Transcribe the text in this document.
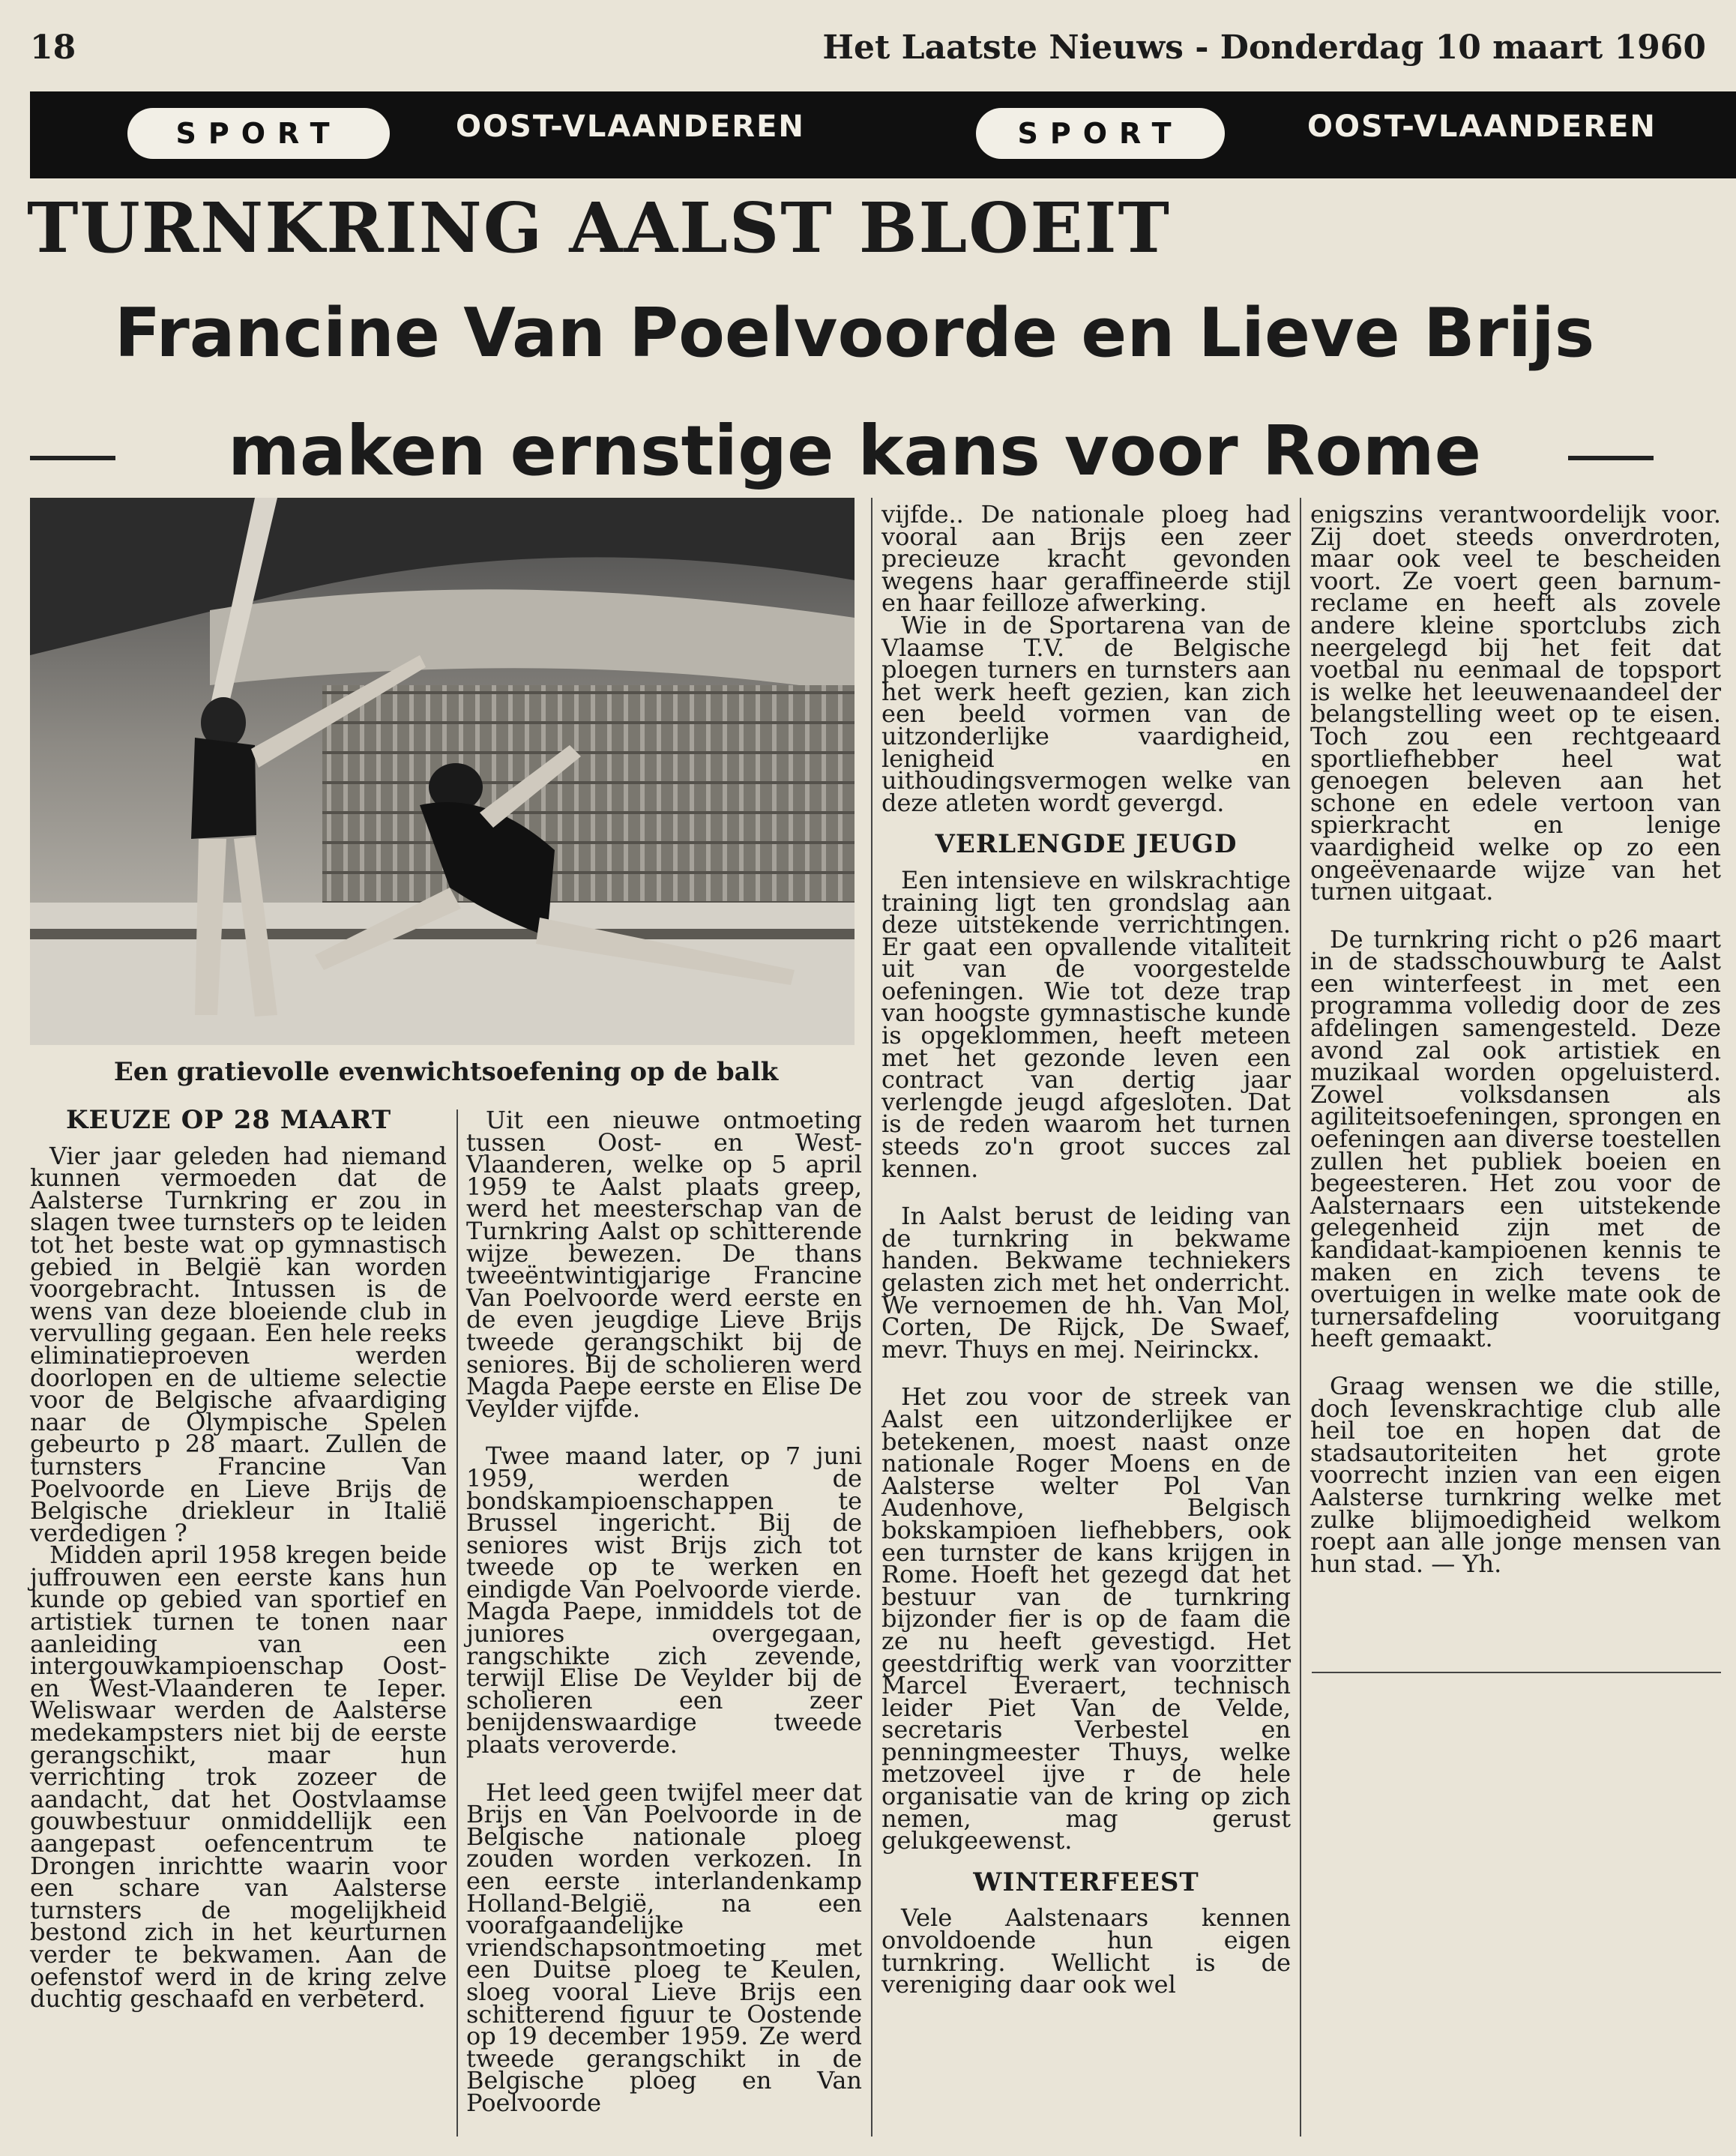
18	Het Laatste Nieuws - Donderdag 10 maart 1960
SPORT	OOST-VLAANDEREN	SPORT	OOST-VLAANDEREN
TURNKRING AALST BLOEIT
Francine Van Poelvoorde en Lieve Brijs
maken ernstige kans voor Rome
Een gratievolle evenwichtsoefening op de balk
KEUZE OP 28 MAART

Vier jaar geleden had niemand kunnen vermoeden dat de Aalsterse Turnkring er zou in slagen twee turnsters op te leiden tot het beste wat op gymnastisch gebied in België kan worden voorgebracht. Intussen is de wens van deze bloeiende club in vervulling gegaan. Een hele reeks eliminatieproeven werden doorlopen en de ultieme selectie voor de Belgische afvaardiging naar de Olympische Spelen gebeurto p 28 maart. Zullen de turnsters Francine Van Poelvoorde en Lieve Brijs de Belgische driekleur in Italië verdedigen ?

Midden april 1958 kregen beide juffrouwen een eerste kans hun kunde op gebied van sportief en artistiek turnen te tonen naar aanleiding van een intergouwkampioenschap Oost- en West-Vlaanderen te Ieper. Weliswaar werden de Aalsterse medekampsters niet bij de eerste gerangschikt, maar hun verrichting trok zozeer de aandacht, dat het Oostvlaamse gouwbestuur onmiddellijk een aangepast oefencentrum te Drongen inrichtte waarin voor een schare van Aalsterse turnsters de mogelijkheid bestond zich in het keurturnen verder te bekwamen. Aan de oefenstof werd in de kring zelve duchtig geschaafd en verbeterd.

Uit een nieuwe ontmoeting tussen Oost- en West-Vlaanderen, welke op 5 april 1959 te Aalst plaats greep, werd het meesterschap van de Turnkring Aalst op schitterende wijze bewezen. De thans tweeëntwintigjarige Francine Van Poelvoorde werd eerste en de even jeugdige Lieve Brijs tweede gerangschikt bij de seniores. Bij de scholieren werd Magda Paepe eerste en Elise De Veylder vijfde.

Twee maand later, op 7 juni 1959, werden de bondskampioenschappen te Brussel ingericht. Bij de seniores wist Brijs zich tot tweede op te werken en eindigde Van Poelvoorde vierde. Magda Paepe, inmiddels tot de juniores overgegaan, rangschikte zich zevende, terwijl Elise De Veylder bij de scholieren een zeer benijdenswaardige tweede plaats veroverde.

Het leed geen twijfel meer dat Brijs en Van Poelvoorde in de Belgische nationale ploeg zouden worden verkozen. In een eerste interlandenkamp Holland-België, na een voorafgaandelijke vriendschapsontmoeting met een Duitse ploeg te Keulen, sloeg vooral Lieve Brijs een schitterend figuur te Oostende op 19 december 1959. Ze werd tweede gerangschikt in de Belgische ploeg en Van Poelvoorde

vijfde.. De nationale ploeg had vooral aan Brijs een zeer precieuze kracht gevonden wegens haar geraffineerde stijl en haar feilloze afwerking.

Wie in de Sportarena van de Vlaamse T.V. de Belgische ploegen turners en turnsters aan het werk heeft gezien, kan zich een beeld vormen van de uitzonderlijke vaardigheid, lenigheid en uithoudingsvermogen welke van deze atleten wordt gevergd.

VERLENGDE JEUGD

Een intensieve en wilskrachtige training ligt ten grondslag aan deze uitstekende verrichtingen. Er gaat een opvallende vitaliteit uit van de voorgestelde oefeningen. Wie tot deze trap van hoogste gymnastische kunde is opgeklommen, heeft meteen met het gezonde leven een contract van dertig jaar verlengde jeugd afgesloten. Dat is de reden waarom het turnen steeds zo'n groot succes zal kennen.

In Aalst berust de leiding van de turnkring in bekwame handen. Bekwame techniekers gelasten zich met het onderricht. We vernoemen de hh. Van Mol, Corten, De Rijck, De Swaef, mevr. Thuys en mej. Neirinckx.

Het zou voor de streek van Aalst een uitzonderlijkee er betekenen, moest naast onze nationale Roger Moens en de Aalsterse welter Pol Van Audenhove, Belgisch bokskampioen liefhebbers, ook een turnster de kans krijgen in Rome. Hoeft het gezegd dat het bestuur van de turnkring bijzonder fier is op de faam die ze nu heeft gevestigd. Het geestdriftig werk van voorzitter Marcel Everaert, technisch leider Piet Van de Velde, secretaris Verbestel en penningmeester Thuys, welke metzoveel ijve r de hele organisatie van de kring op zich nemen, mag gerust gelukgeewenst.

WINTERFEEST

Vele Aalstenaars kennen onvoldoende hun eigen turnkring. Wellicht is de vereniging daar ook wel

enigszins verantwoordelijk voor. Zij doet steeds onverdroten, maar ook veel te bescheiden voort. Ze voert geen barnum-reclame en heeft als zovele andere kleine sportclubs zich neergelegd bij het feit dat voetbal nu eenmaal de topsport is welke het leeuwenaandeel der belangstelling weet op te eisen. Toch zou een rechtgeaard sportliefhebber heel wat genoegen beleven aan het schone en edele vertoon van spierkracht en lenige vaardigheid welke op zo een ongeëvenaarde wijze van het turnen uitgaat.

De turnkring richt o p26 maart in de stadsschouwburg te Aalst een winterfeest in met een programma volledig door de zes afdelingen samengesteld. Deze avond zal ook artistiek en muzikaal worden opgeluisterd. Zowel volksdansen als agiliteitsoefeningen, sprongen en oefeningen aan diverse toestellen zullen het publiek boeien en begeesteren. Het zou voor de Aalsternaars een uitstekende gelegenheid zijn met de kandidaat-kampioenen kennis te maken en zich tevens te overtuigen in welke mate ook de turnersafdeling vooruitgang heeft gemaakt.

Graag wensen we die stille, doch levenskrachtige club alle heil toe en hopen dat de stadsautoriteiten het grote voorrecht inzien van een eigen Aalsterse turnkring welke met zulke blijmoedigheid welkom roept aan alle jonge mensen van hun stad. — Yh.
